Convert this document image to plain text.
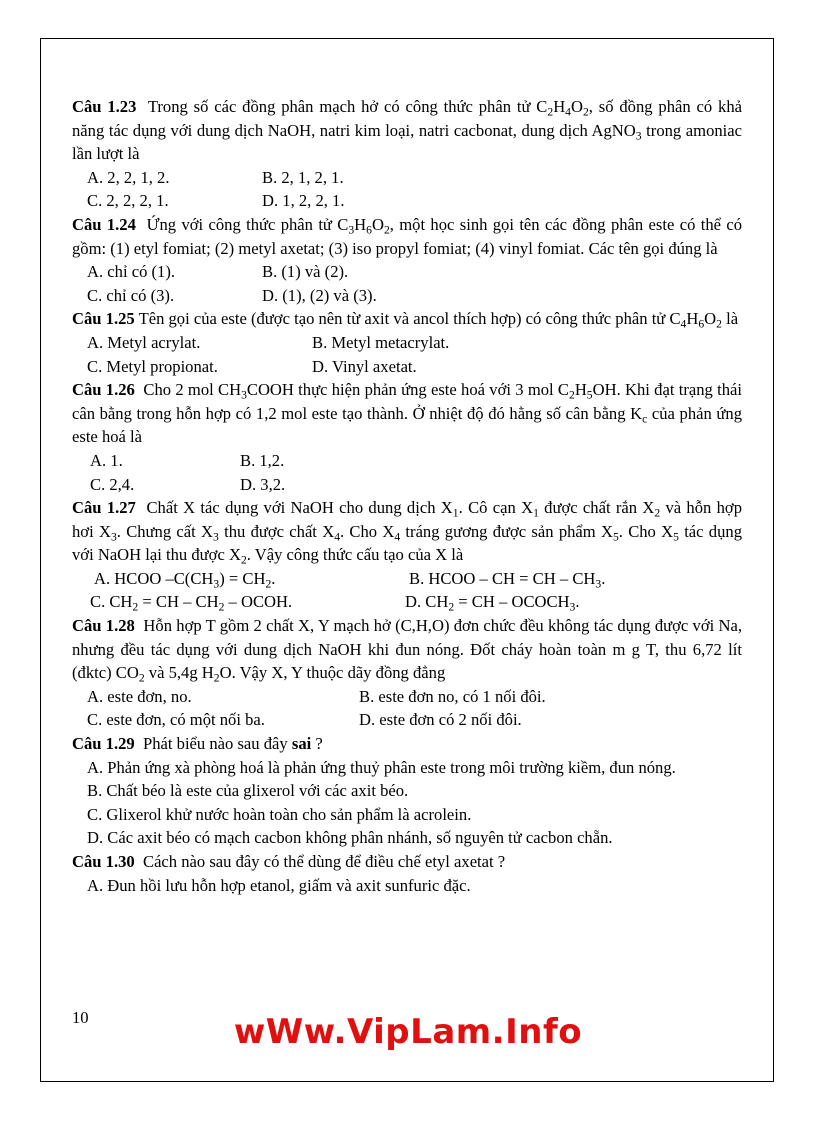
Câu 1.23 Trong số các đồng phân mạch hở có công thức phân tử $C_2H_4O_2$, số đồng phân có khả năng tác dụng với dung dịch NaOH, natri kim loại, natri cacbonat, dung dịch AgNO$_3$ trong amoniac lần lượt là
A. 2, 2, 1, 2.	B. 2, 1, 2, 1.
C. 2, 2, 2, 1.	D. 1, 2, 2, 1.
Câu 1.24 Ứng với công thức phân tử $C_3H_6O_2$, một học sinh gọi tên các đồng phân este có thể có gồm: (1) etyl fomiat; (2) metyl axetat; (3) iso propyl fomiat; (4) vinyl fomiat. Các tên gọi đúng là
A. chỉ có (1).	B. (1) và (2).
C. chỉ có (3).	D. (1), (2) và (3).
Câu 1.25 Tên gọi của este (được tạo nên từ axit và ancol thích hợp) có công thức phân tử $C_4H_6O_2$ là
A. Metyl acrylat.	B. Metyl metacrylat.
C. Metyl propionat.	D. Vinyl axetat.
Câu 1.26 Cho 2 mol $CH_3COOH$ thực hiện phản ứng este hoá với 3 mol $C_2H_5OH$. Khi đạt trạng thái cân bằng trong hỗn hợp có 1,2 mol este tạo thành. Ở nhiệt độ đó hằng số cân bằng $K_c$ của phản ứng este hoá là
A. 1.	B. 1,2.
C. 2,4.	D. 3,2.
Câu 1.27 Chất X tác dụng với NaOH cho dung dịch $X_1$. Cô cạn $X_1$ được chất rắn $X_2$ và hỗn hợp hơi $X_3$. Chưng cất $X_3$ thu được chất $X_4$. Cho $X_4$ tráng gương được sản phẩm $X_5$. Cho $X_5$ tác dụng với NaOH lại thu được $X_2$. Vậy công thức cấu tạo của X là
A. HCOO $-C(CH_3) = CH_2$.	B. HCOO – CH = CH – $CH_3$.
C. $CH_2$ = CH – $CH_2$ – OCOH.	D. $CH_2$ = CH – $OCOCH_3$.
Câu 1.28 Hỗn hợp T gồm 2 chất X, Y mạch hở (C,H,O) đơn chức đều không tác dụng được với Na, nhưng đều tác dụng với dung dịch NaOH khi đun nóng. Đốt cháy hoàn toàn m g T, thu 6,72 lít (đktc) $CO_2$ và 5,4g $H_2O$. Vậy X, Y thuộc dãy đồng đẳng
A. este đơn, no.	B. este đơn no, có 1 nối đôi.
C. este đơn, có một nối ba.	D. este đơn có 2 nối đôi.
Câu 1.29 Phát biểu nào sau đây sai ?
A. Phản ứng xà phòng hoá là phản ứng thuỷ phân este trong môi trường kiềm, đun nóng.
B. Chất béo là este của glixerol với các axit béo.
C. Glixerol khử nước hoàn toàn cho sản phẩm là acrolein.
D. Các axit béo có mạch cacbon không phân nhánh, số nguyên tử cacbon chẵn.
Câu 1.30 Cách nào sau đây có thể dùng để điều chế etyl axetat ?
A. Đun hồi lưu hỗn hợp etanol, giấm và axit sunfuric đặc.
10	wWw.VipLam.Info
